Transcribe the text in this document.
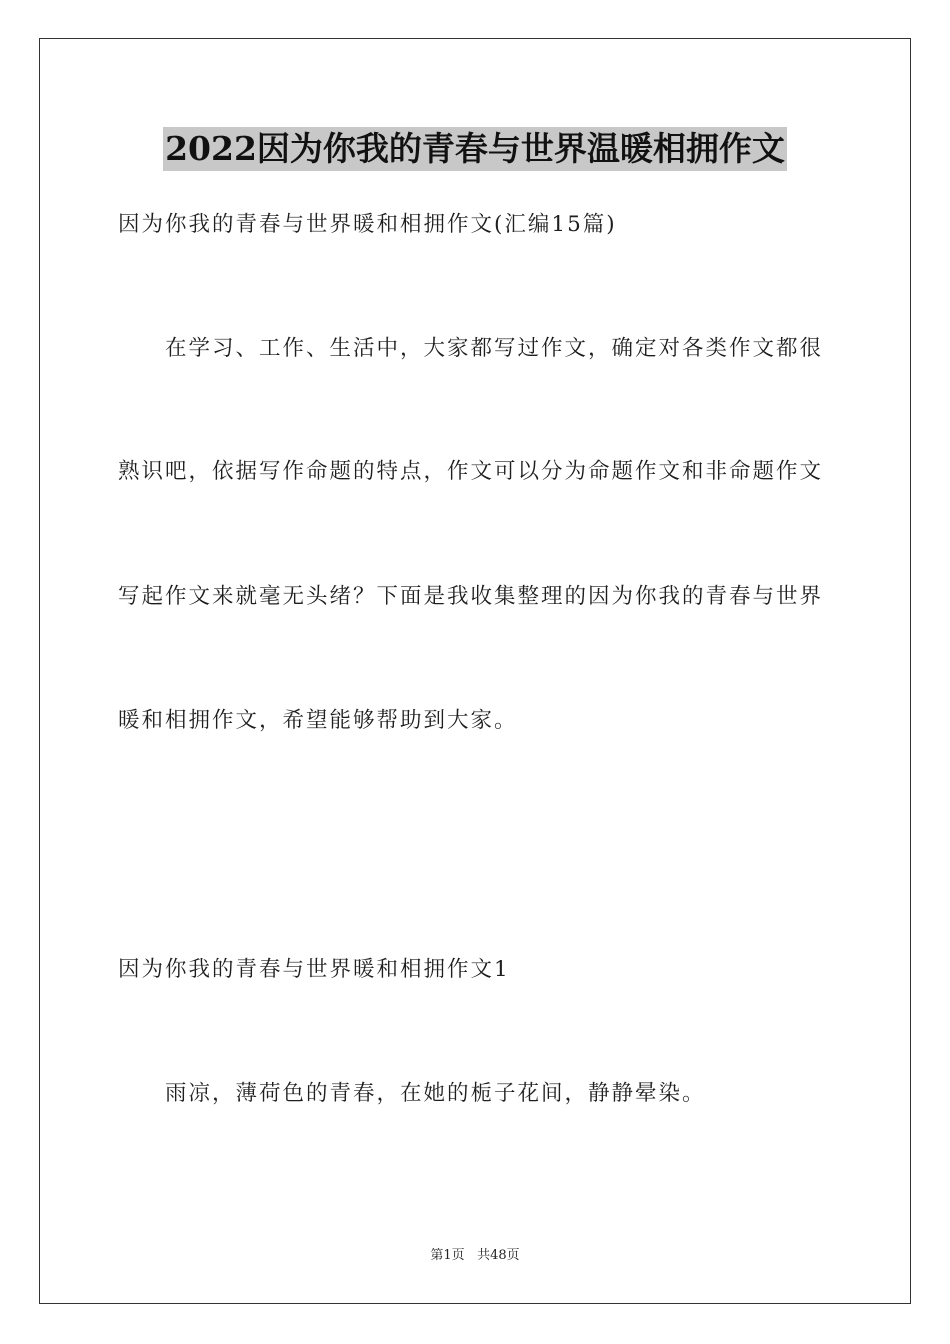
2022因为你我的青春与世界温暖相拥作文
因为你我的青春与世界暖和相拥作文(汇编15篇)
在学习、工作、生活中，大家都写过作文，确定对各类作文都很
熟识吧，依据写作命题的特点，作文可以分为命题作文和非命题作文
写起作文来就毫无头绪？下面是我收集整理的因为你我的青春与世界
暖和相拥作文，希望能够帮助到大家。
因为你我的青春与世界暖和相拥作文1
雨凉，薄荷色的青春，在她的栀子花间，静静晕染。
第1页 共48页
